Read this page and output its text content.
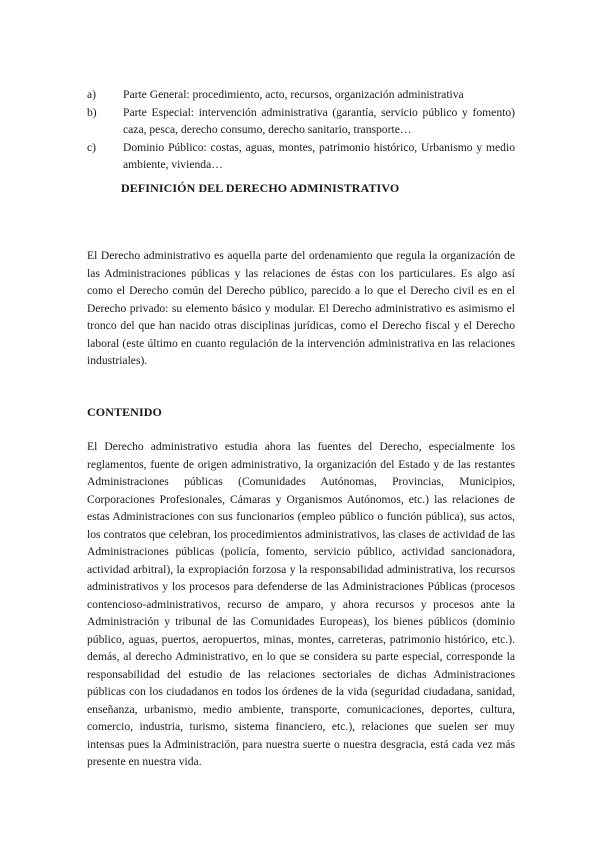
a)	Parte General: procedimiento, acto, recursos, organización administrativa
b)	Parte Especial: intervención administrativa (garantía, servicio público y fomento) caza, pesca, derecho consumo, derecho sanitario, transporte…
c)	Dominio Público: costas, aguas, montes, patrimonio histórico, Urbanismo y medio ambiente, vivienda…
DEFINICIÓN DEL DERECHO ADMINISTRATIVO

El Derecho administrativo es aquella parte del ordenamiento que regula la organización de las Administraciones públicas y las relaciones de éstas con los particulares. Es algo así como el Derecho común del Derecho público, parecido a lo que el Derecho civil es en el Derecho privado: su elemento básico y modular. El Derecho administrativo es asimismo el tronco del que han nacido otras disciplinas jurídicas, como el Derecho fiscal y el Derecho laboral (este último en cuanto regulación de la intervención administrativa en las relaciones industriales).

CONTENIDO

El Derecho administrativo estudia ahora las fuentes del Derecho, especialmente los reglamentos, fuente de origen administrativo, la organización del Estado y de las restantes Administraciones públicas (Comunidades Autónomas, Provincias, Municipios, Corporaciones Profesionales, Cámaras y Organismos Autónomos, etc.) las relaciones de estas Administraciones con sus funcionarios (empleo público o función pública), sus actos, los contratos que celebran, los procedimientos administrativos, las clases de actividad de las Administraciones públicas (policía, fomento, servicio público, actividad sancionadora, actividad arbitral), la expropiación forzosa y la responsabilidad administrativa, los recursos administrativos y los procesos para defenderse de las Administraciones Públicas (procesos contencioso-administrativos, recurso de amparo, y ahora recursos y procesos ante la Administración y tribunal de las Comunidades Europeas), los bienes públicos (dominio público, aguas, puertos, aeropuertos, minas, montes, carreteras, patrimonio histórico, etc.). demás, al derecho Administrativo, en lo que se considera su parte especial, corresponde la responsabilidad del estudio de las relaciones sectoriales de dichas Administraciones públicas con los ciudadanos en todos los órdenes de la vida (seguridad ciudadana, sanidad, enseñanza, urbanismo, medio ambiente, transporte, comunicaciones, deportes, cultura, comercio, industria, turismo, sistema financiero, etc.), relaciones que suelen ser muy intensas pues la Administración, para nuestra suerte o nuestra desgracia, está cada vez más presente en nuestra vida.
